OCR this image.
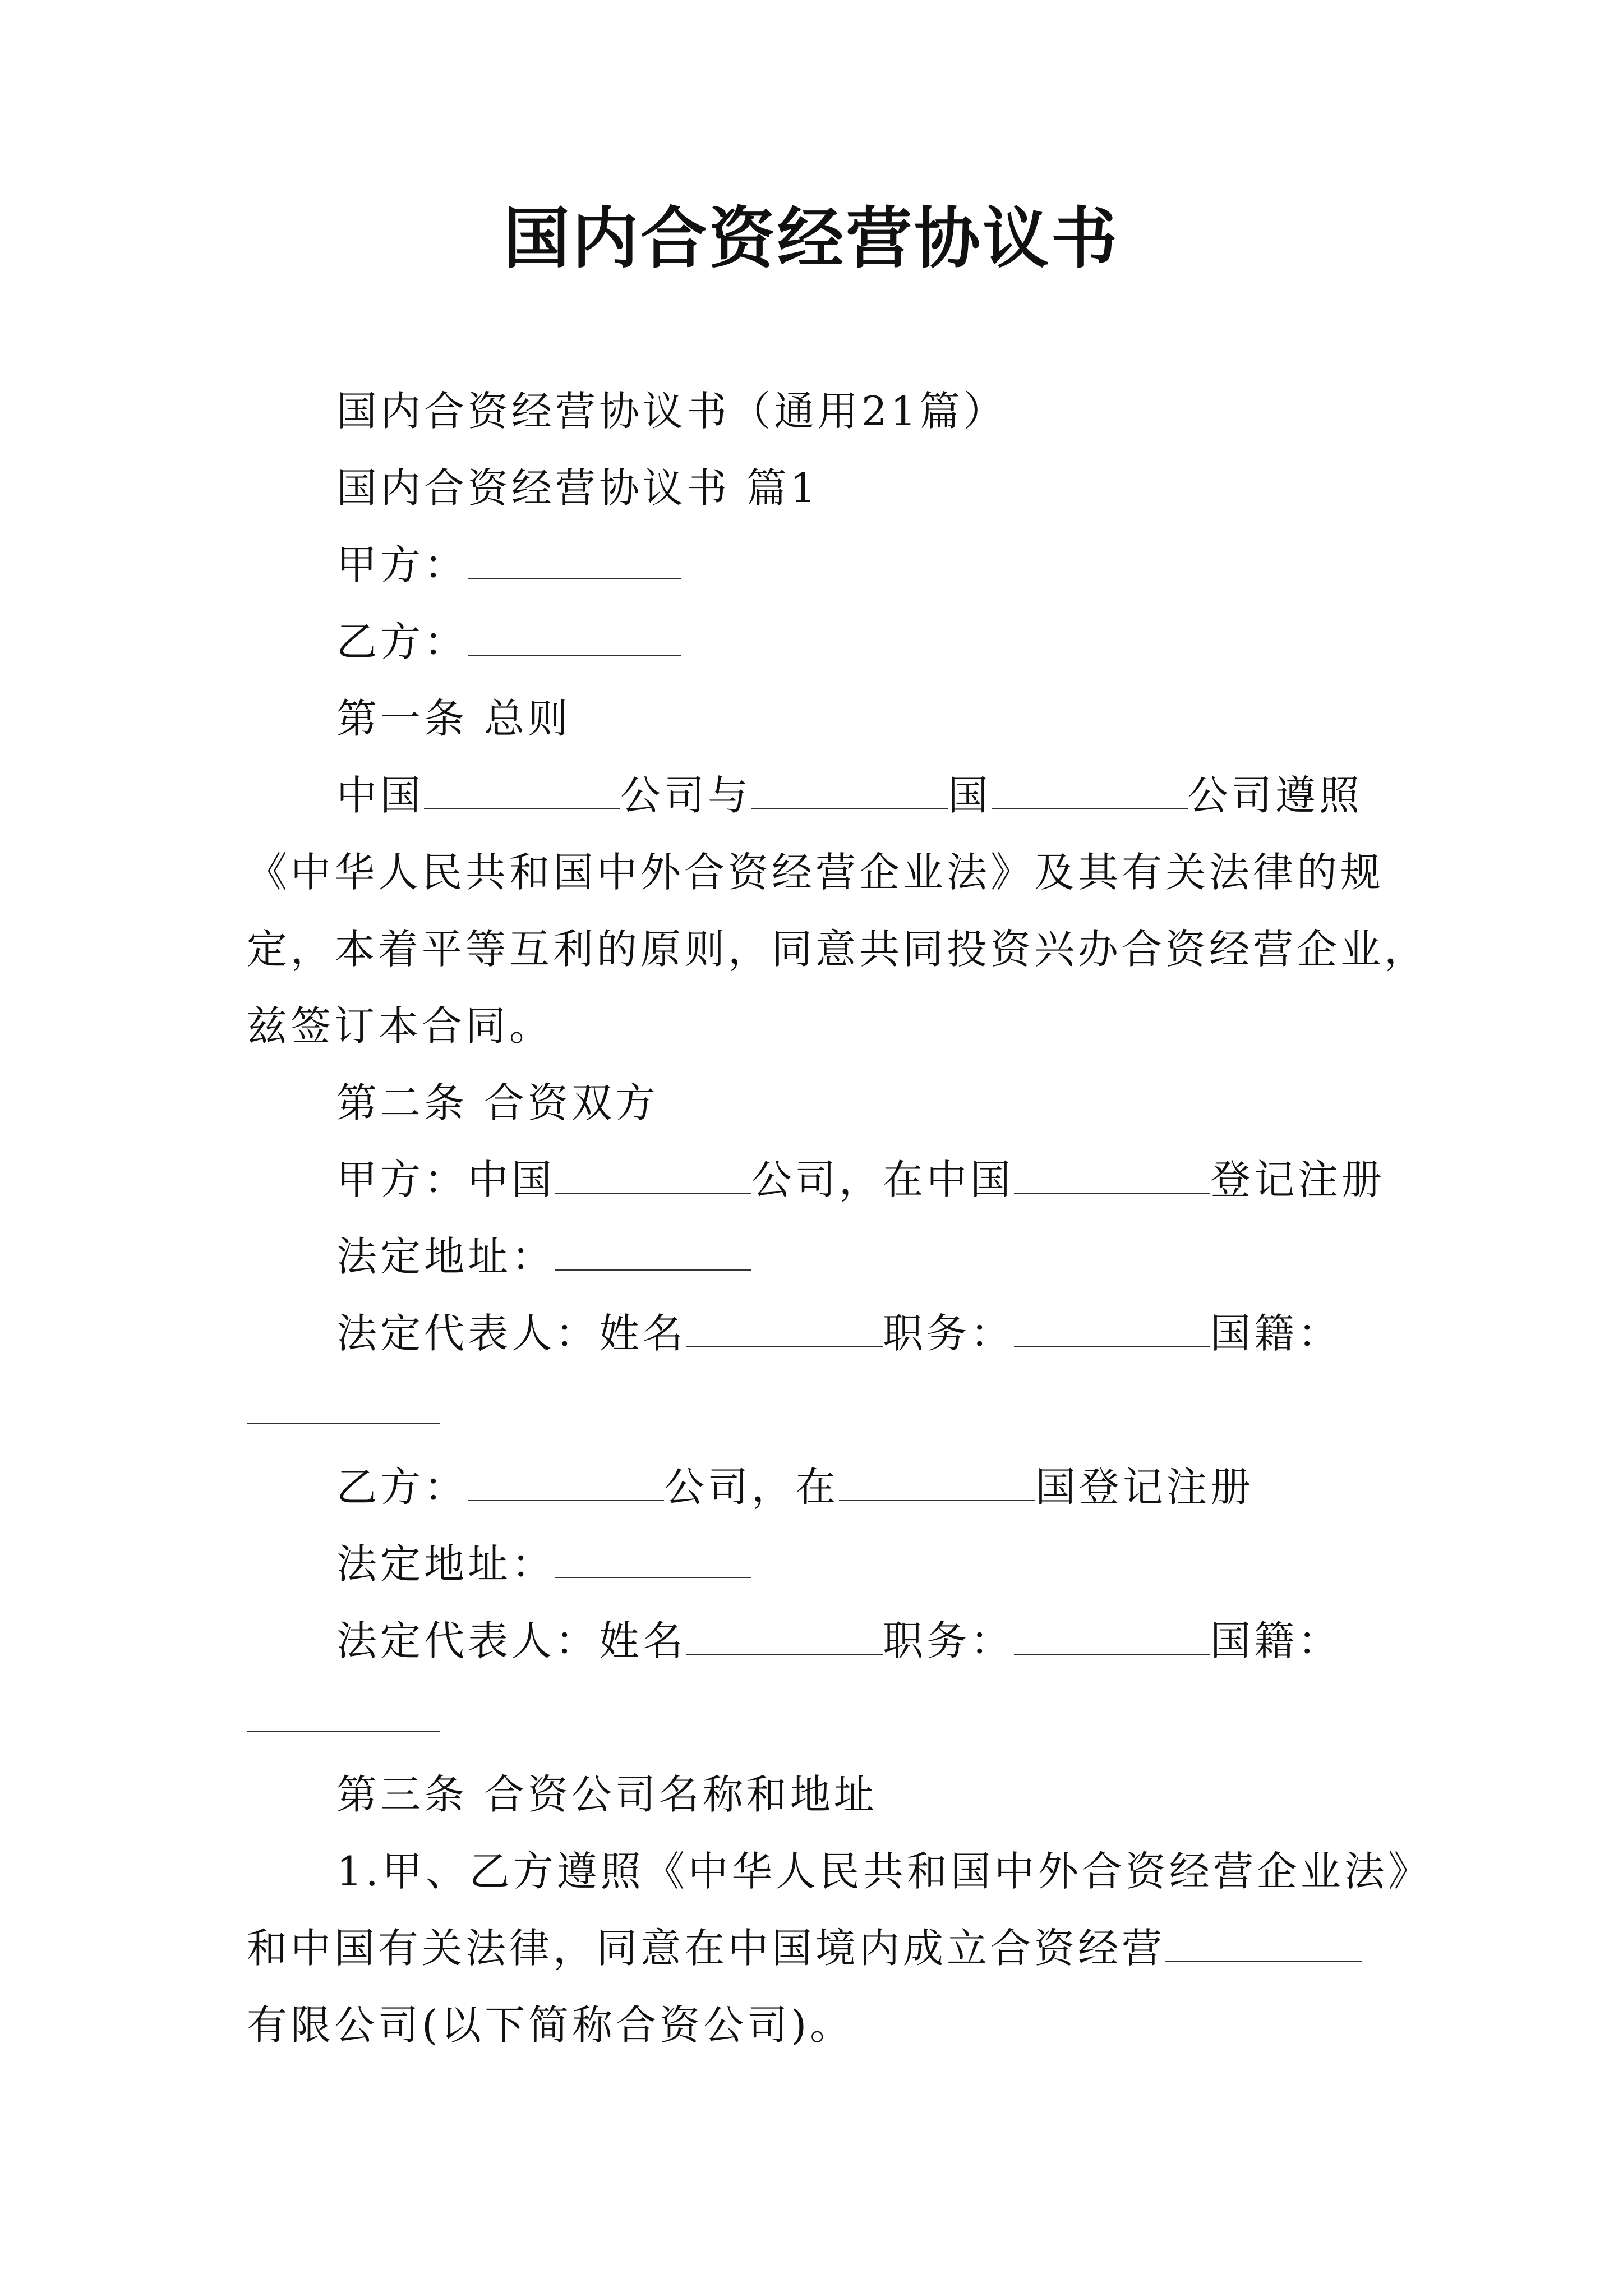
国内合资经营协议书
国内合资经营协议书（通用21篇）
国内合资经营协议书 篇1
甲方：
乙方：
第一条 总则
中国	公司与	国	公司遵照
《中华人民共和国中外合资经营企业法》及其有关法律的规
定，本着平等互利的原则，同意共同投资兴办合资经营企业，
兹签订本合同。
第二条 合资双方
甲方：中国	公司，在中国	登记注册
法定地址：
法定代表人：姓名	职务：	国籍：
乙方：	公司，在	国登记注册
法定地址：
法定代表人：姓名	职务：	国籍：
第三条 合资公司名称和地址
1.甲、乙方遵照《中华人民共和国中外合资经营企业法》
和中国有关法律，同意在中国境内成立合资经营
有限公司(以下简称合资公司)。
